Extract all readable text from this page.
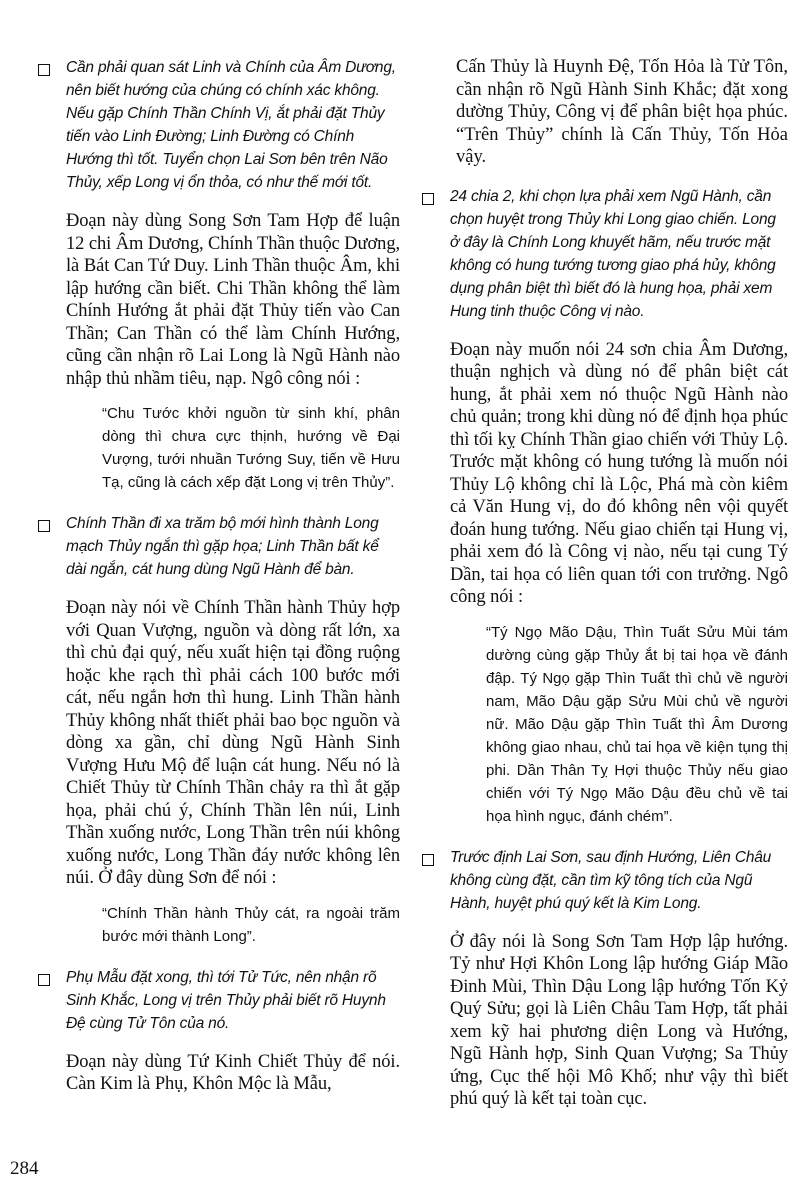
Cần phải quan sát Linh và Chính của Âm Dương, nên biết hướng của chúng có chính xác không. Nếu gặp Chính Thần Chính Vị, ắt phải đặt Thủy tiến vào Linh Đường; Linh Đường có Chính Hướng thì tốt. Tuyển chọn Lai Sơn bên trên Não Thủy, xếp Long vị ổn thỏa, có như thế mới tốt.

Đoạn này dùng Song Sơn Tam Hợp để luận 12 chi Âm Dương, Chính Thần thuộc Dương, là Bát Can Tứ Duy. Linh Thần thuộc Âm, khi lập hướng cần biết. Chi Thần không thể làm Chính Hướng ắt phải đặt Thủy tiến vào Can Thần; Can Thần có thể làm Chính Hướng, cũng cần nhận rõ Lai Long là Ngũ Hành nào nhập thủ nhầm tiêu, nạp. Ngô công nói :

“Chu Tước khởi nguồn từ sinh khí, phân dòng thì chưa cực thịnh, hướng về Đại Vượng, tưới nhuần Tướng Suy, tiến về Hưu Tạ, cũng là cách xếp đặt Long vị trên Thủy”.

Chính Thần đi xa trăm bộ mới hình thành Long mạch Thủy ngắn thì gặp họa; Linh Thần bất kể dài ngắn, cát hung dùng Ngũ Hành để bàn.

Đoạn này nói về Chính Thần hành Thủy hợp với Quan Vượng, nguồn và dòng rất lớn, xa thì chủ đại quý, nếu xuất hiện tại đồng ruộng hoặc khe rạch thì phải cách 100 bước mới cát, nếu ngắn hơn thì hung. Linh Thần hành Thủy không nhất thiết phải bao bọc nguồn và dòng xa gần, chỉ dùng Ngũ Hành Sinh Vượng Hưu Mộ để luận cát hung. Nếu nó là Chiết Thủy từ Chính Thần chảy ra thì ắt gặp họa, phải chú ý, Chính Thần lên núi, Linh Thần xuống nước, Long Thần trên núi không xuống nước, Long Thần đáy nước không lên núi. Ở đây dùng Sơn để nói :

“Chính Thần hành Thủy cát, ra ngoài trăm bước mới thành Long”.

Phụ Mẫu đặt xong, thì tới Tử Tức, nên nhận rõ Sinh Khắc, Long vị trên Thủy phải biết rõ Huynh Đệ cùng Tử Tôn của nó.

Đoạn này dùng Tứ Kinh Chiết Thủy để nói. Càn Kim là Phụ, Khôn Mộc là Mẫu,

Cấn Thủy là Huynh Đệ, Tốn Hỏa là Tử Tôn, cần nhận rõ Ngũ Hành Sinh Khắc; đặt xong dường Thủy, Công vị để phân biệt họa phúc. “Trên Thủy” chính là Cấn Thủy, Tốn Hỏa vậy.

24 chia 2, khi chọn lựa phải xem Ngũ Hành, cần chọn huyệt trong Thủy khi Long giao chiến. Long ở đây là Chính Long khuyết hãm, nếu trước mặt không có hung tướng tương giao phá hủy, không dụng phân biệt thì biết đó là hung họa, phải xem Hung tinh thuộc Công vị nào.

Đoạn này muốn nói 24 sơn chia Âm Dương, thuận nghịch và dùng nó để phân biệt cát hung, ắt phải xem nó thuộc Ngũ Hành nào chủ quản; trong khi dùng nó để định họa phúc thì tối kỵ Chính Thần giao chiến với Thủy Lộ. Trước mặt không có hung tướng là muốn nói Thủy Lộ không chỉ là Lộc, Phá mà còn kiêm cả Văn Hung vị, do đó không nên vội quyết đoán hung tướng. Nếu giao chiến tại Hung vị, phải xem đó là Công vị nào, nếu tại cung Tý Dần, tai họa có liên quan tới con trưởng. Ngô công nói :

“Tý Ngọ Mão Dậu, Thìn Tuất Sửu Mùi tám dường cùng gặp Thủy ắt bị tai họa về đánh đập. Tý Ngọ gặp Thìn Tuất thì chủ về người nam, Mão Dậu gặp Sửu Mùi chủ về người nữ. Mão Dậu gặp Thìn Tuất thì Âm Dương không giao nhau, chủ tai họa về kiện tụng thị phi. Dần Thân Tỵ Hợi thuộc Thủy nếu giao chiến với Tý Ngọ Mão Dậu đều chủ về tai họa hình ngục, đánh chém”.

Trước định Lai Sơn, sau định Hướng, Liên Châu không cùng đặt, cần tìm kỹ tông tích của Ngũ Hành, huyệt phú quý kết là Kim Long.

Ở đây nói là Song Sơn Tam Hợp lập hướng. Tỷ như Hợi Khôn Long lập hướng Giáp Mão Đinh Mùi, Thìn Dậu Long lập hướng Tốn Kỷ Quý Sửu; gọi là Liên Châu Tam Hợp, tất phải xem kỹ hai phương diện Long và Hướng, Ngũ Hành hợp, Sinh Quan Vượng; Sa Thủy ứng, Cục thế hội Mô Khố; như vậy thì biết phú quý là kết tại toàn cục.

284
